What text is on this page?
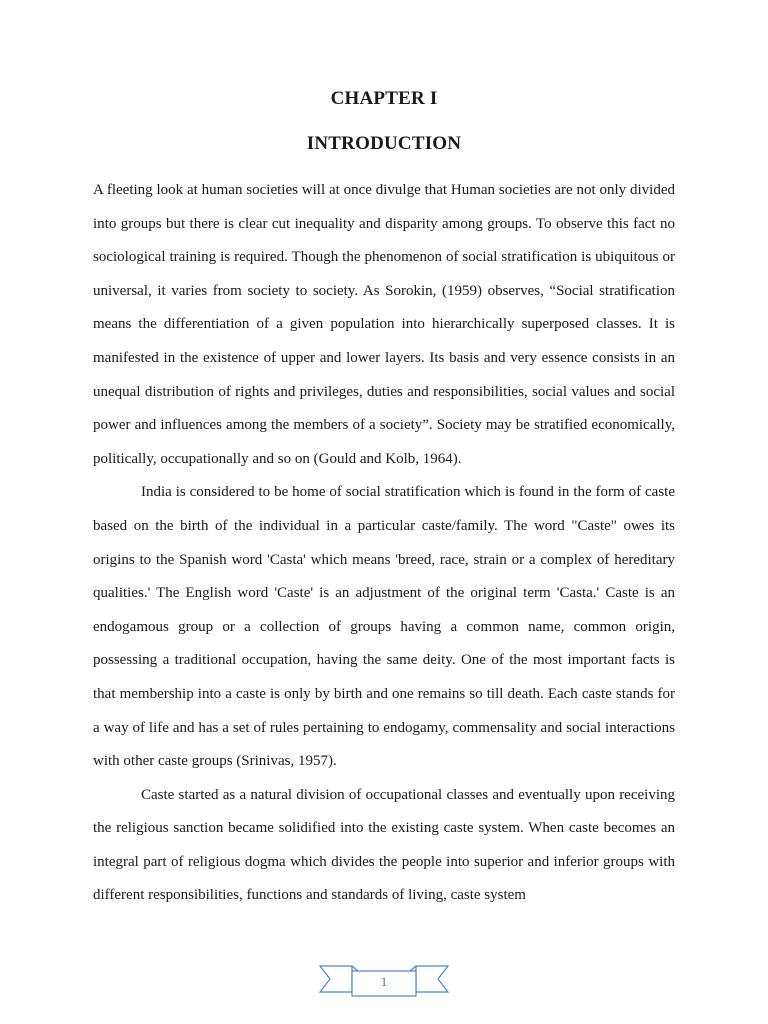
CHAPTER I
INTRODUCTION

A fleeting look at human societies will at once divulge that Human societies are not only divided into groups but there is clear cut inequality and disparity among groups. To observe this fact no sociological training is required. Though the phenomenon of social stratification is ubiquitous or universal, it varies from society to society. As Sorokin, (1959) observes, “Social stratification means the differentiation of a given population into hierarchically superposed classes. It is manifested in the existence of upper and lower layers. Its basis and very essence consists in an unequal distribution of rights and privileges, duties and responsibilities, social values and social power and influences among the members of a society”. Society may be stratified economically, politically, occupationally and so on (Gould and Kolb, 1964).

India is considered to be home of social stratification which is found in the form of caste based on the birth of the individual in a particular caste/family. The word "Caste" owes its origins to the Spanish word 'Casta' which means 'breed, race, strain or a complex of hereditary qualities.' The English word 'Caste' is an adjustment of the original term 'Casta.' Caste is an endogamous group or a collection of groups having a common name, common origin, possessing a traditional occupation, having the same deity. One of the most important facts is that membership into a caste is only by birth and one remains so till death. Each caste stands for a way of life and has a set of rules pertaining to endogamy, commensality and social interactions with other caste groups (Srinivas, 1957).

Caste started as a natural division of occupational classes and eventually upon receiving the religious sanction became solidified into the existing caste system. When caste becomes an integral part of religious dogma which divides the people into superior and inferior groups with different responsibilities, functions and standards of living, caste system

1
